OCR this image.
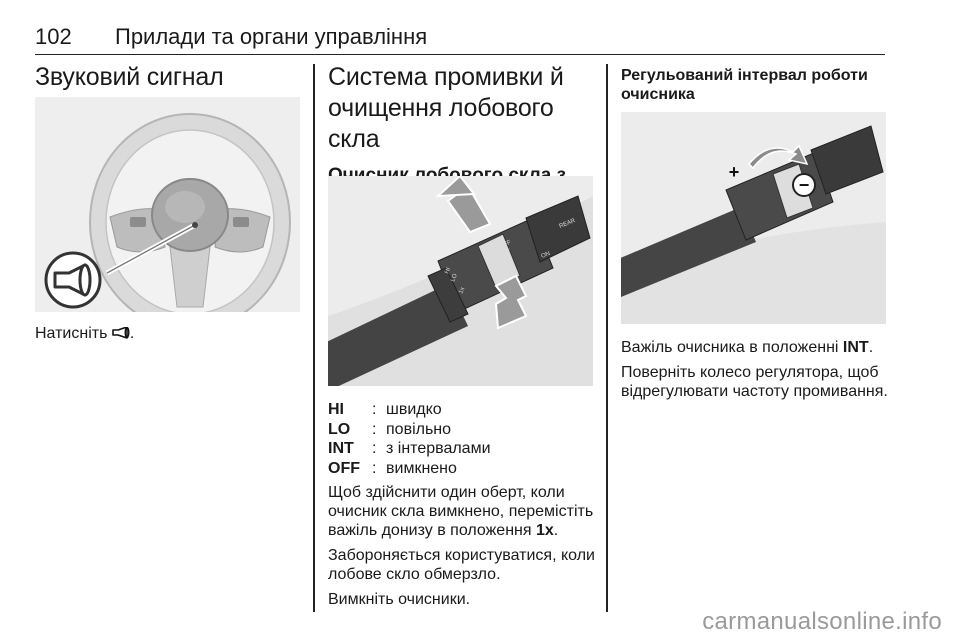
102 Прилади та органи управління
Звуковий сигнал

Натисніть .

Система промивки й очищення лобового скла
OFF
INT
LO
HI
1x
REAR
ON
HI	: швидко
LO	: повільно
INT	: з інтервалами
OFF : вимкнено

Щоб здійснити один оберт, коли очисник скла вимкнено, перемістіть важіль донизу в положення 1x.

Забороняється користуватися, коли лобове скло обмерзло.

Вимкніть очисники.

Регульований інтервал роботи очисника
−
+

Важіль очисника в положенні INT.

Поверніть колесо регулятора, щоб відрегулювати частоту промивання.

carmanualsonline.info
